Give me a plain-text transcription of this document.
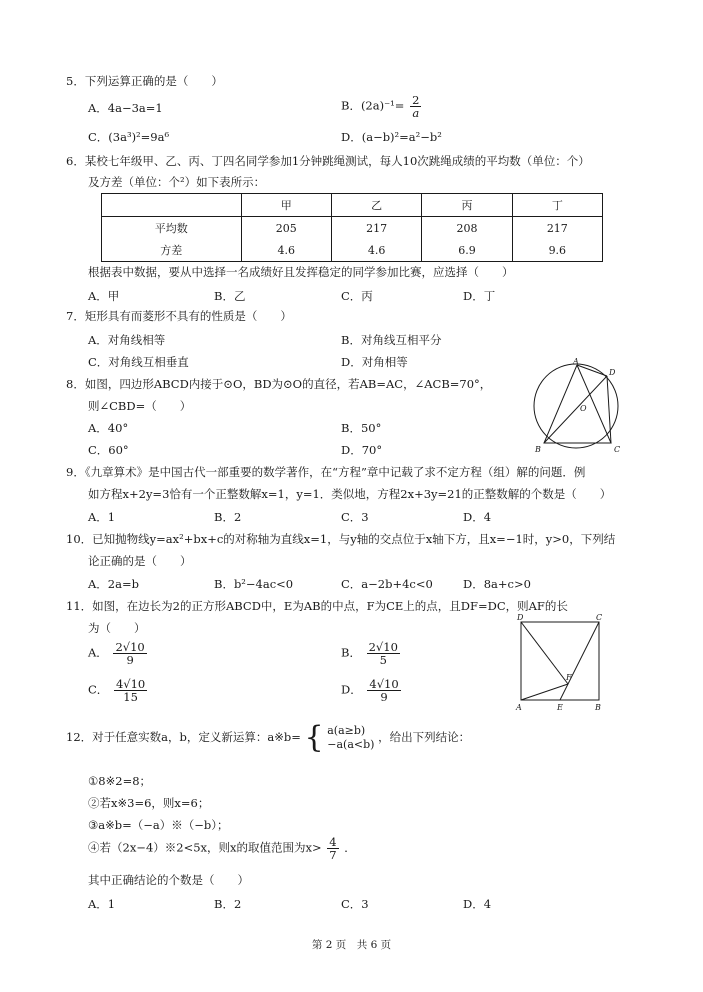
5．下列运算正确的是（　　）
A．4a−3a=1	B．$(2a)^{-1}= \frac{2}{a}$
C．(3a³)²=9a⁶	D．(a−b)²=a²−b²
6．某校七年级甲、乙、丙、丁四名同学参加1分钟跳绳测试，每人10次跳绳成绩的平均数（单位：个）
及方差（单位：个²）如下表所示：
	甲	乙	丙	丁
平均数	205	217	208	217
方差	4.6	4.6	6.9	9.6
根据表中数据，要从中选择一名成绩好且发挥稳定的同学参加比赛，应选择（　　）
A．甲	B．乙	C．丙	D．丁
7．矩形具有而菱形不具有的性质是（　　）
A．对角线相等	B．对角线互相平分
C．对角线互相垂直	D．对角相等
8．如图，四边形ABCD内接于⊙O，BD为⊙O的直径，若AB=AC，∠ACB=70°，
则∠CBD=（　　）
A．40°	B．50°
C．60°	D．70°
A
B	C
D
O
9．《九章算术》是中国古代一部重要的数学著作，在“方程”章中记载了求不定方程（组）解的问题．例
如方程x+2y=3恰有一个正整数解x=1，y=1．类似地，方程2x+3y=21的正整数解的个数是（　　）
A．1	B．2	C．3	D．4
10．已知抛物线y=ax²+bx+c的对称轴为直线x=1，与y轴的交点位于x轴下方，且x=−1时，y>0，下列结
论正确的是（　　）
A．2a=b	B．b²−4ac<0	C．a−2b+4c<0	D．8a+c>0
11．如图，在边长为2的正方形ABCD中，E为AB的中点，F为CE上的点，且DF=DC，则AF的长
为（　　）
A． $\frac{2√10}{9}$	B． $\frac{2√10}{5}$
C． $\frac{4√10}{15}$	D． $\frac{4√10}{9}$
A	B
C
D
E
F
12．对于任意实数a，b，定义新运算：a※b= { a(a≥b)
−a(a<b)
，给出下列结论：
①8※2=8；
②若x※3=6，则x=6；
③a※b=（−a）※（−b）；
④若（2x−4）※2<5x，则x的取值范围为$x> \frac{4}{7}$ ．
其中正确结论的个数是（　　）
A．1	B．2	C．3	D．4
第 2 页　共 6 页
